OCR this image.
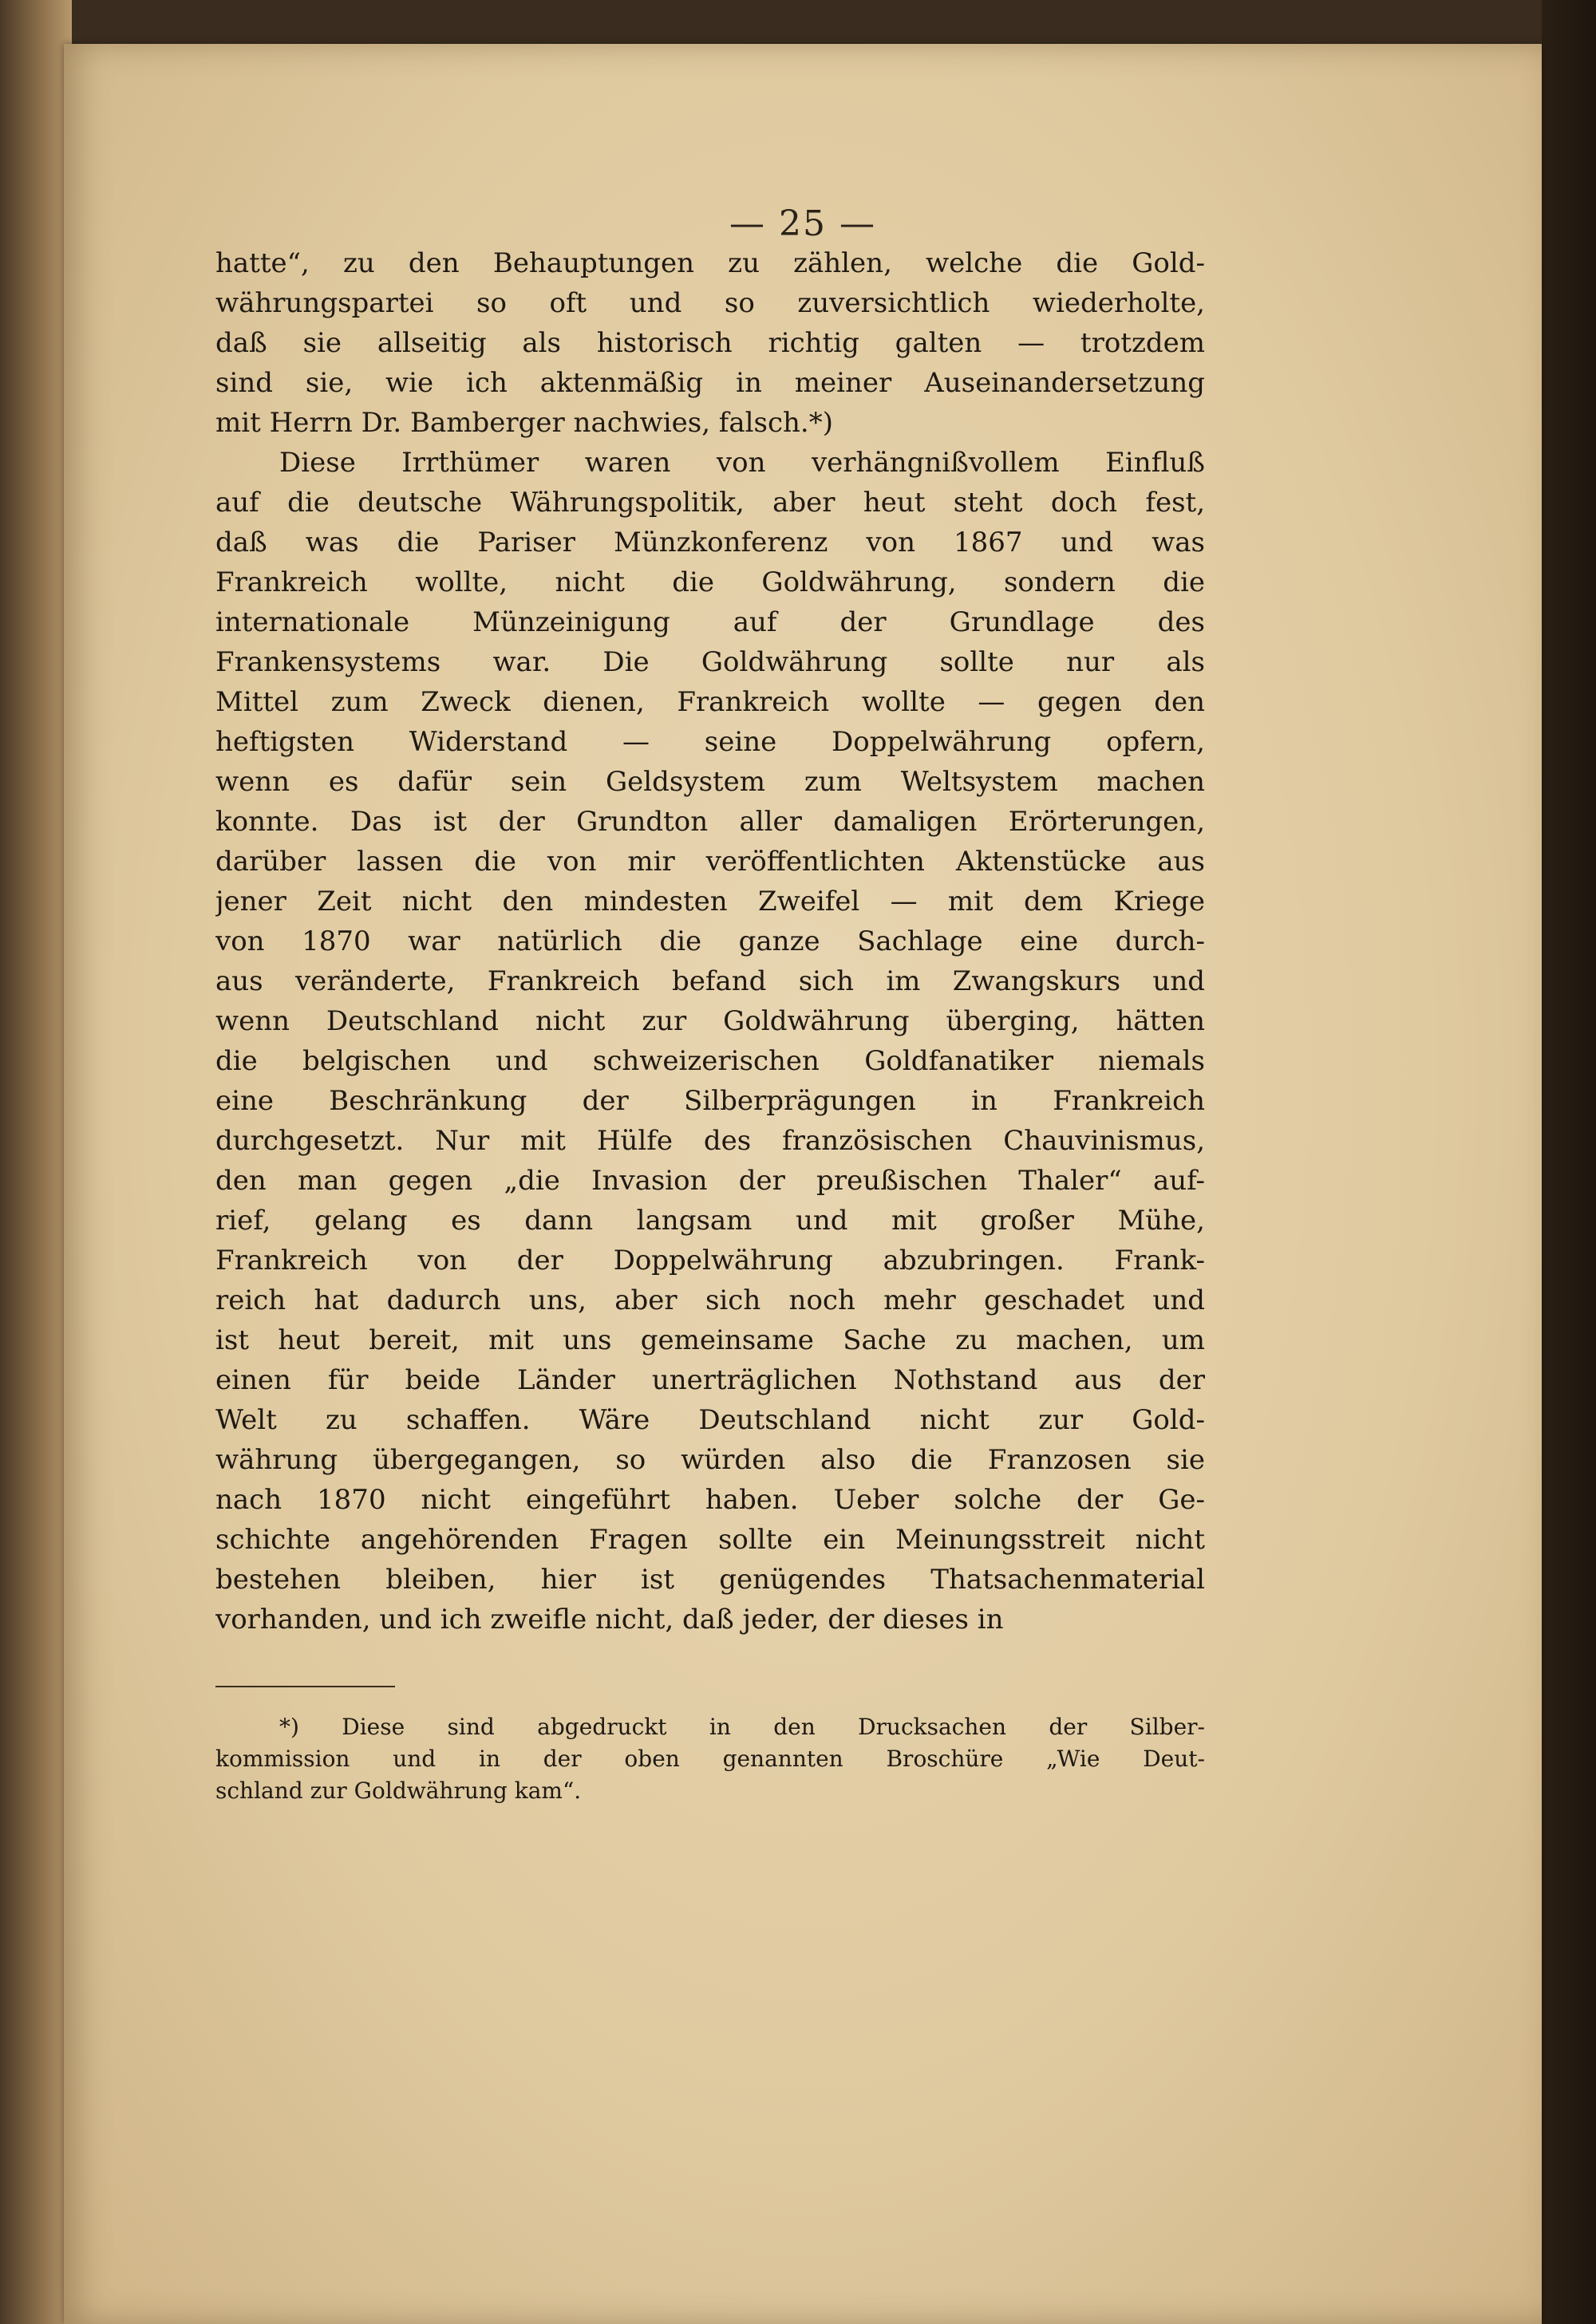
— 25 —
hatte“, zu den Behauptungen zu zählen, welche die Gold-
währungspartei so oft und so zuversichtlich wiederholte,
daß sie allseitig als historisch richtig galten — trotzdem
sind sie, wie ich aktenmäßig in meiner Auseinandersetzung
mit Herrn Dr. Bamberger nachwies, falsch.*)
Diese Irrthümer waren von verhängnißvollem Einfluß
auf die deutsche Währungspolitik, aber heut steht doch fest,
daß was die Pariser Münzkonferenz von 1867 und was
Frankreich wollte, nicht die Goldwährung, sondern die
internationale Münzeinigung auf der Grundlage des
Frankensystems war. Die Goldwährung sollte nur als
Mittel zum Zweck dienen, Frankreich wollte — gegen den
heftigsten Widerstand — seine Doppelwährung opfern,
wenn es dafür sein Geldsystem zum Weltsystem machen
konnte. Das ist der Grundton aller damaligen Erörterungen,
darüber lassen die von mir veröffentlichten Aktenstücke aus
jener Zeit nicht den mindesten Zweifel — mit dem Kriege
von 1870 war natürlich die ganze Sachlage eine durch-
aus veränderte, Frankreich befand sich im Zwangskurs und
wenn Deutschland nicht zur Goldwährung überging, hätten
die belgischen und schweizerischen Goldfanatiker niemals
eine Beschränkung der Silberprägungen in Frankreich
durchgesetzt. Nur mit Hülfe des französischen Chauvinismus,
den man gegen „die Invasion der preußischen Thaler“ auf-
rief, gelang es dann langsam und mit großer Mühe,
Frankreich von der Doppelwährung abzubringen. Frank-
reich hat dadurch uns, aber sich noch mehr geschadet und
ist heut bereit, mit uns gemeinsame Sache zu machen, um
einen für beide Länder unerträglichen Nothstand aus der
Welt zu schaffen. Wäre Deutschland nicht zur Gold-
währung übergegangen, so würden also die Franzosen sie
nach 1870 nicht eingeführt haben. Ueber solche der Ge-
schichte angehörenden Fragen sollte ein Meinungsstreit nicht
bestehen bleiben, hier ist genügendes Thatsachenmaterial
vorhanden, und ich zweifle nicht, daß jeder, der dieses in
*) Diese sind abgedruckt in den Drucksachen der Silber-
kommission und in der oben genannten Broschüre „Wie Deut-
schland zur Goldwährung kam“.
